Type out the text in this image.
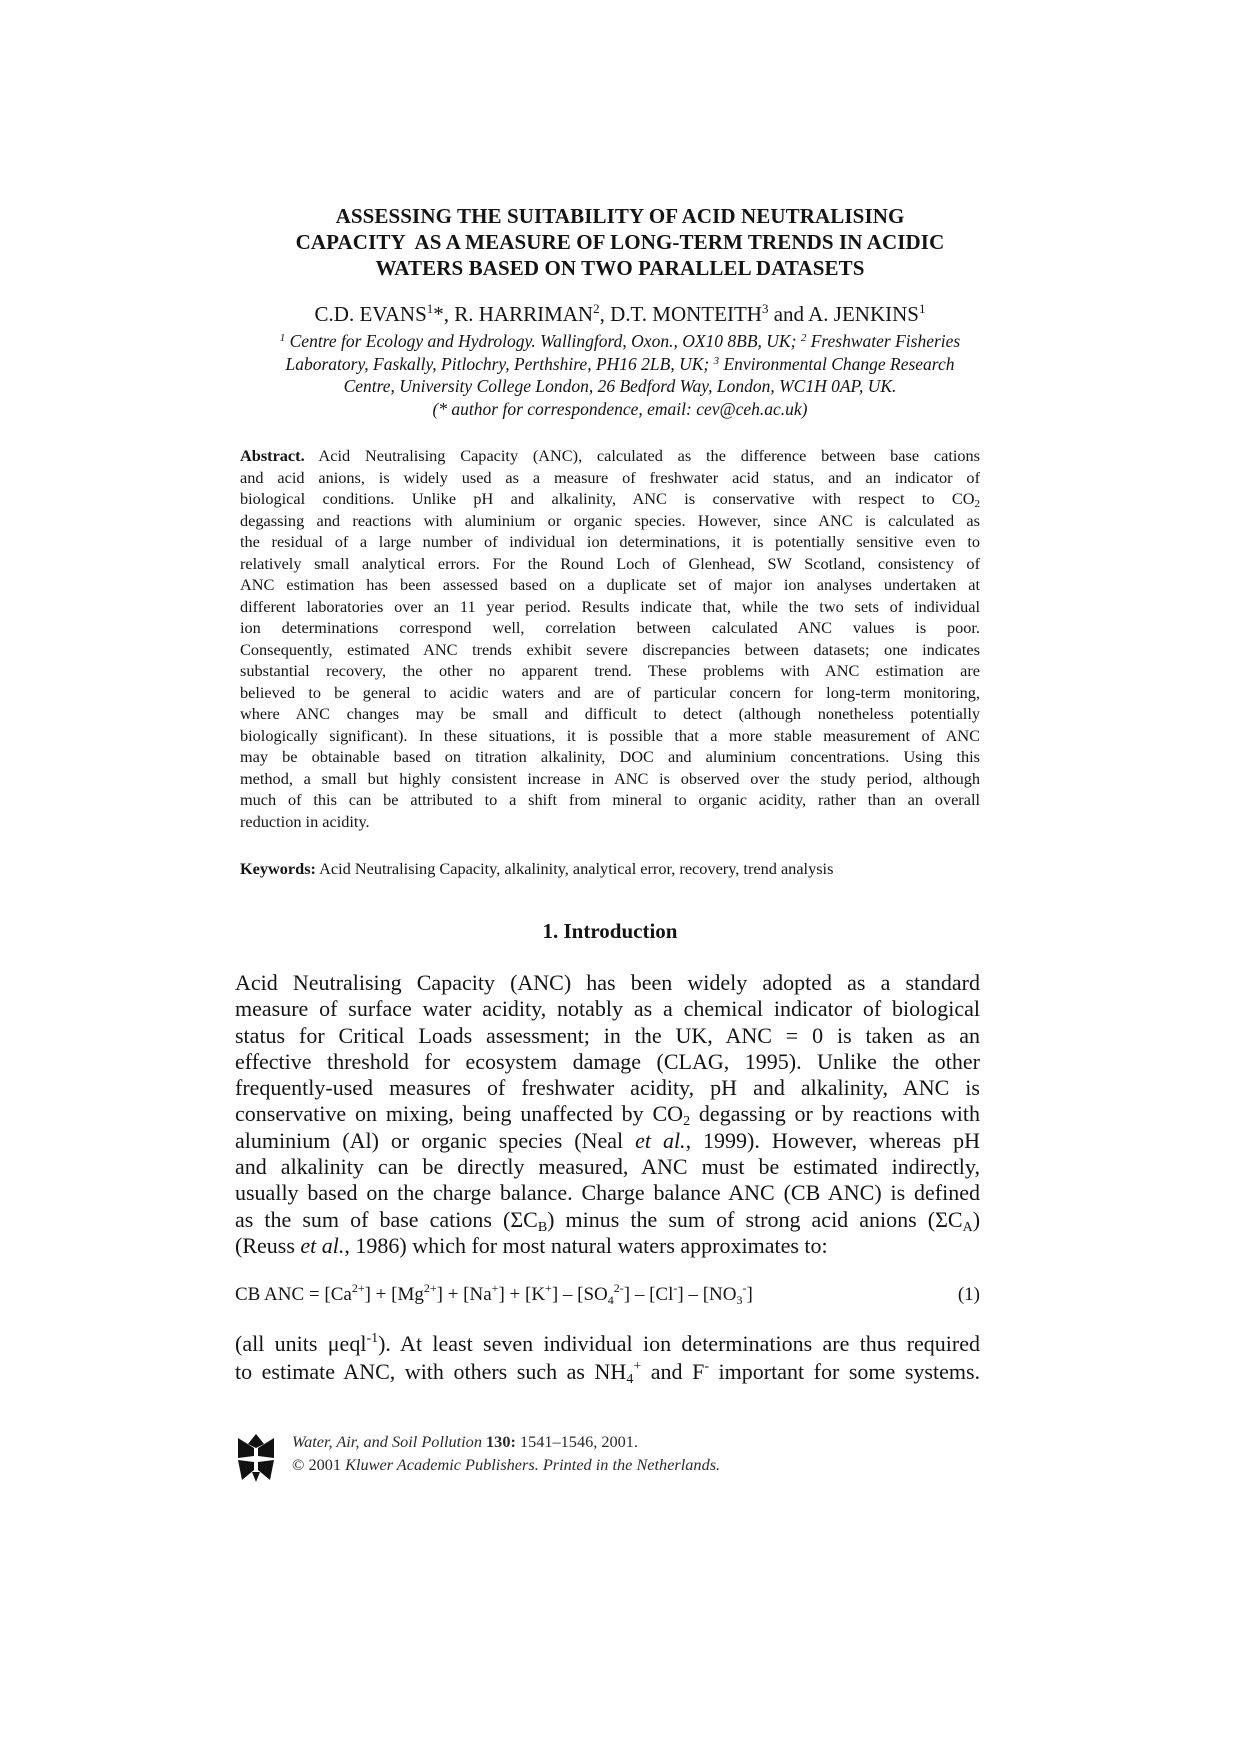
ASSESSING THE SUITABILITY OF ACID NEUTRALISING
CAPACITY  AS A MEASURE OF LONG-TERM TRENDS IN ACIDIC
WATERS BASED ON TWO PARALLEL DATASETS
C.D. EVANS$^1$*, R. HARRIMAN$^2$, D.T. MONTEITH$^3$ and A. JENKINS$^1$
$^1$ Centre for Ecology and Hydrology. Wallingford, Oxon., OX10 8BB, UK; $^2$ Freshwater Fisheries
Laboratory, Faskally, Pitlochry, Perthshire, PH16 2LB, UK; $^3$ Environmental Change Research
Centre, University College London, 26 Bedford Way, London, WC1H 0AP, UK.
(* author for correspondence, email: cev@ceh.ac.uk)
Abstract. Acid Neutralising Capacity (ANC), calculated as the difference between base cations
and acid anions, is widely used as a measure of freshwater acid status, and an indicator of
biological conditions. Unlike pH and alkalinity, ANC is conservative with respect to $CO_2$
degassing and reactions with aluminium or organic species. However, since ANC is calculated as
the residual of a large number of individual ion determinations, it is potentially sensitive even to
relatively small analytical errors. For the Round Loch of Glenhead, SW Scotland, consistency of
ANC estimation has been assessed based on a duplicate set of major ion analyses undertaken at
different laboratories over an 11 year period. Results indicate that, while the two sets of individual
ion determinations correspond well, correlation between calculated ANC values is poor.
Consequently, estimated ANC trends exhibit severe discrepancies between datasets; one indicates
substantial recovery, the other no apparent trend. These problems with ANC estimation are
believed to be general to acidic waters and are of particular concern for long-term monitoring,
where ANC changes may be small and difficult to detect (although nonetheless potentially
biologically significant). In these situations, it is possible that a more stable measurement of ANC
may be obtainable based on titration alkalinity, DOC and aluminium concentrations. Using this
method, a small but highly consistent increase in ANC is observed over the study period, although
much of this can be attributed to a shift from mineral to organic acidity, rather than an overall
reduction in acidity.
Keywords: Acid Neutralising Capacity, alkalinity, analytical error, recovery, trend analysis
1. Introduction
Acid Neutralising Capacity (ANC) has been widely adopted as a standard
measure of surface water acidity, notably as a chemical indicator of biological
status for Critical Loads assessment; in the UK, ANC = 0 is taken as an
effective threshold for ecosystem damage (CLAG, 1995). Unlike the other
frequently-used measures of freshwater acidity, pH and alkalinity, ANC is
conservative on mixing, being unaffected by $CO_2$ degassing or by reactions with
aluminium (Al) or organic species (Neal et al., 1999). However, whereas pH
and alkalinity can be directly measured, ANC must be estimated indirectly,
usually based on the charge balance. Charge balance ANC (CB ANC) is defined
as the sum of base cations $(\Sigma C_B)$ minus the sum of strong acid anions $(\Sigma C_A)$
(Reuss et al., 1986) which for most natural waters approximates to:
CB ANC = $[Ca^{2+}] + [Mg^{2+}] + [Na^+] + [K^+] - [SO_4^{2-}] - [Cl^-] - [NO_3^-]$	(1)
(all units μeql$^{-1}$). At least seven individual ion determinations are thus required
to estimate ANC, with others such as $NH_4^+$ and F- important for some systems.
Water, Air, and Soil Pollution 130: 1541–1546, 2001.
© 2001 Kluwer Academic Publishers. Printed in the Netherlands.
